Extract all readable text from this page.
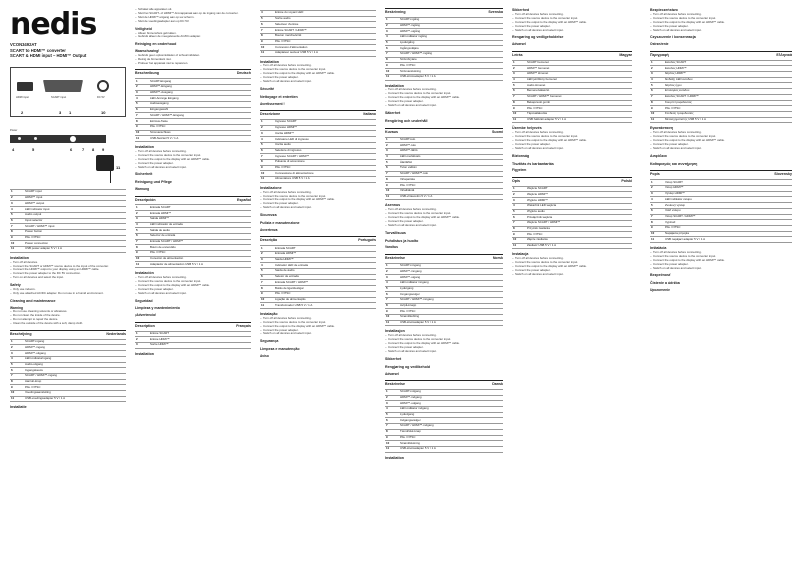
nedis
VCON3492AT
SCART to HDMI™ converter
SCART & HDMI input – HDMI™ Output
HDMI input	SCART input	DC 5V
2	3 1	10
Power
4	5	6 7 8 9
11
1	SCART input
2	HDMI™ input
3	HDMI™ output
4	LED indicator input
5	Audio output
6	Input selector
7	SCART / HDMI™ input
8	Power button
9	PAL / NTSC
10	Power connection
11	USB power adapter 5 V / 1 A
Installation
– Turn off all devices.
– Connect the SCART or HDMI™ source device to the input of the converter.
– Connect the HDMI™ output to your display using an HDMI™ cable.
– Connect the power adapter to the DC 5V connection.
– Turn on all devices and select the input.
Safety
– Only use indoors.
– Only use attached AC/DC adapter. Do not use in a humid environment.
Cleaning and maintenance
Warning
– Do not use cleaning solvents or abrasives.
– Do not clean the inside of the device.
– Do not attempt to repair the device.
– Clean the outside of the device with a soft, damp cloth.
Beschrijving	Nederlands
1	SCART-ingang
2	HDMI™-ingang
3	HDMI™-uitgang
4	LED-indicatoringang
5	Audio-uitgang
6	Ingangskeuze
7	SCART / HDMI™-ingang
8	Aan/uit-knop
9	PAL / NTSC
10	Voedingsaansluiting
11	USB-voedingsadapter 5 V / 1 A
Installatie
– Schakel alle apparaten uit.
– Sluit het SCART- of HDMI™-bronapparaat aan op de ingang van de converter.
– Sluit de HDMI™-uitgang aan op uw scherm.
– Sluit de voedingsadapter aan op DC 5V.
Veiligheid
– Alleen binnenshuis gebruiken.
– Gebruik alleen de meegeleverde AC/DC-adapter.
Reiniging en onderhoud
Waarschuwing!
– Gebruik geen oplosmiddelen of schuurmiddelen.
– Reinig de binnenkant niet.
– Probeer het apparaat niet te repareren.
Beschreibung	Deutsch
1	SCART-Eingang
2	HDMI™-Eingang
3	HDMI™-Ausgang
4	LED-Anzeige Eingang
5	Audioausgang
6	Eingangswahl
7	SCART / HDMI™-Eingang
8	Ein/Aus-Taste
9	PAL / NTSC
10	Stromanschluss
11	USB-Netzteil 5 V / 1 A
Installation
– Turn off all devices before connecting.
– Connect the source device to the converter input.
– Connect the output to the display with an HDMI™ cable.
– Connect the power adapter.
– Switch on all devices and select input.
Sicherheit
Reinigung und Pflege
Warnung
Descripción	Español
1	Entrada SCART
2	Entrada HDMI™
3	Salida HDMI™
4	LED indicador de entrada
5	Salida de audio
6	Selector de entrada
7	Entrada SCART / HDMI™
8	Botón de encendido
9	PAL / NTSC
10	Conexión de alimentación
11	Adaptador de alimentación USB 5 V / 1 A
Instalación
– Turn off all devices before connecting.
– Connect the source device to the converter input.
– Connect the output to the display with an HDMI™ cable.
– Connect the power adapter.
– Switch on all devices and select input.
Seguridad
Limpieza y mantenimiento
¡Advertencia!
Description	Français
1	Entrée SCART
2	Entrée HDMI™
3	Sortie HDMI™
Installation
4	Entrée du voyant LED
5	Sortie audio
6	Sélecteur d'entrée
7	Entrée SCART / HDMI™
8	Bouton marche/arrêt
9	PAL / NTSC
10	Connexion d'alimentation
11	Adaptateur secteur USB 5 V / 1 A
Installation
– Turn off all devices before connecting.
– Connect the source device to the converter input.
– Connect the output to the display with an HDMI™ cable.
– Connect the power adapter.
– Switch on all devices and select input.
Sécurité
Nettoyage et entretien
Avertissement !
Descrizione	Italiano
1	Ingresso SCART
2	Ingresso HDMI™
3	Uscita HDMI™
4	Indicatore LED di ingresso
5	Uscita audio
6	Selettore di ingresso
7	Ingresso SCART / HDMI™
8	Pulsante di accensione
9	PAL / NTSC
10	Connessione di alimentazione
11	Alimentatore USB 5 V / 1 A
Installazione
– Turn off all devices before connecting.
– Connect the source device to the converter input.
– Connect the output to the display with an HDMI™ cable.
– Connect the power adapter.
– Switch on all devices and select input.
Sicurezza
Pulizia e manutenzione
Avvertenza
Descrição	Português
1	Entrada SCART
2	Entrada HDMI™
3	Saída HDMI™
4	Indicador LED de entrada
5	Saída de áudio
6	Seletor de entrada
7	Entrada SCART / HDMI™
8	Botão de ligar/desligar
9	PAL / NTSC
10	Ligação de alimentação
11	Transformador USB 5 V / 1 A
Instalação
– Turn off all devices before connecting.
– Connect the source device to the converter input.
– Connect the output to the display with an HDMI™ cable.
– Connect the power adapter.
– Switch on all devices and select input.
Segurança
Limpeza e manutenção
Aviso
Beskrivning	Svenska
1	SCART-ingång
2	HDMI™-ingång
3	HDMI™-utgång
4	LED-indikator ingång
5	Ljudutgång
6	Ingångsväljare
7	SCART / HDMI™-ingång
8	Strömbrytare
9	PAL / NTSC
10	Strömanslutning
11	USB-strömadapter 5 V / 1 A
Installation
– Turn off all devices before connecting.
– Connect the source device to the converter input.
– Connect the output to the display with an HDMI™ cable.
– Connect the power adapter.
– Switch on all devices and select input.
Säkerhet
Rengöring och underhåll
Kuvaus	Suomi
1	SCART-tulo
2	HDMI™-tulo
3	HDMI™-lähtö
4	LED-merkkivalo
5	Äänilähtö
6	Tulon valitsin
7	SCART / HDMI™-tulo
8	Virtapainike
9	PAL / NTSC
10	Virtaliitäntä
11	USB-virtasovitin 5 V / 1 A
Asennus
– Turn off all devices before connecting.
– Connect the source device to the converter input.
– Connect the output to the display with an HDMI™ cable.
– Connect the power adapter.
– Switch on all devices and select input.
Turvallisuus
Puhdistus ja huolto
Varoitus
Beskrivelse	Norsk
1	SCART-inngang
2	HDMI™-inngang
3	HDMI™-utgang
4	LED-indikator inngang
5	Lydutgang
6	Inngangsvelger
7	SCART / HDMI™-inngang
8	Av/på-knapp
9	PAL / NTSC
10	Strømtilkobling
11	USB-strømadapter 5 V / 1 A
Installasjon
– Turn off all devices before connecting.
– Connect the source device to the converter input.
– Connect the output to the display with an HDMI™ cable.
– Connect the power adapter.
– Switch on all devices and select input.
Sikkerhet
Rengjøring og vedlikehold
Advarsel
Beskrivelse	Dansk
1	SCART-indgang
2	HDMI™-indgang
3	HDMI™-udgang
4	LED-indikator indgang
5	Lydudgang
6	Indgangsvælger
7	SCART / HDMI™-indgang
8	Tænd/sluk-knap
9	PAL / NTSC
10	Strømtilslutning
11	USB-strømadapter 5 V / 1 A
Installation
Sikkerhed
– Turn off all devices before connecting.
– Connect the source device to the converter input.
– Connect the output to the display with an HDMI™ cable.
– Connect the power adapter.
– Switch on all devices and select input.
Rengøring og vedligeholdelse
Advarsel
Leírás	Magyar
1	SCART bemenet
2	HDMI™ bemenet
3	HDMI™ kimenet
4	LED jelzőfény bemenet
5	Audio kimenet
6	Bemenetválasztó
7	SCART / HDMI™ bemenet
8	Bekapcsoló gomb
9	PAL / NTSC
10	Tápcsatlakozás
11	USB hálózati adapter 5 V / 1 A
Üzembe helyezés
– Turn off all devices before connecting.
– Connect the source device to the converter input.
– Connect the output to the display with an HDMI™ cable.
– Connect the power adapter.
– Switch on all devices and select input.
Biztonság
Tisztítás és karbantartás
Figyelem
Opis	Polski
1	Wejście SCART
2	Wejście HDMI™
3	Wyjście HDMI™
4	Wskaźnik LED wejścia
5	Wyjście audio
6	Przełącznik wejścia
7	Wejście SCART / HDMI™
8	Przycisk zasilania
9	PAL / NTSC
10	Złącze zasilania
11	Zasilacz USB 5 V / 1 A
Instalacja
– Turn off all devices before connecting.
– Connect the source device to the converter input.
– Connect the output to the display with an HDMI™ cable.
– Connect the power adapter.
– Switch on all devices and select input.
Bezpieczeństwo
– Turn off all devices before connecting.
– Connect the source device to the converter input.
– Connect the output to the display with an HDMI™ cable.
– Connect the power adapter.
– Switch on all devices and select input.
Czyszczenie i konserwacja
Ostrzeżenie
Περιγραφή	Ελληνικά
1	Είσοδος SCART
2	Είσοδος HDMI™
3	Έξοδος HDMI™
4	Ένδειξη LED εισόδου
5	Έξοδος ήχου
6	Επιλογέας εισόδου
7	Είσοδος SCART / HDMI™
8	Κουμπί τροφοδοσίας
9	PAL / NTSC
10	Σύνδεση τροφοδοσίας
11	Μετασχηματιστής USB 5 V / 1 A
Εγκατάσταση
– Turn off all devices before connecting.
– Connect the source device to the converter input.
– Connect the output to the display with an HDMI™ cable.
– Connect the power adapter.
– Switch on all devices and select input.
Ασφάλεια
Καθαρισμός και συντήρηση
Popis	Slovensky
1	Vstup SCART
2	Vstup HDMI™
3	Výstup HDMI™
4	LED indikátor vstupu
5	Zvukový výstup
6	Volič vstupu
7	Vstup SCART / HDMI™
8	Vypínač
9	PAL / NTSC
10	Napájacia prípojka
11	USB napájací adaptér 5 V / 1 A
Inštalácia
– Turn off all devices before connecting.
– Connect the source device to the converter input.
– Connect the output to the display with an HDMI™ cable.
– Connect the power adapter.
– Switch on all devices and select input.
Bezpečnosť
Čistenie a údržba
Upozornenie
